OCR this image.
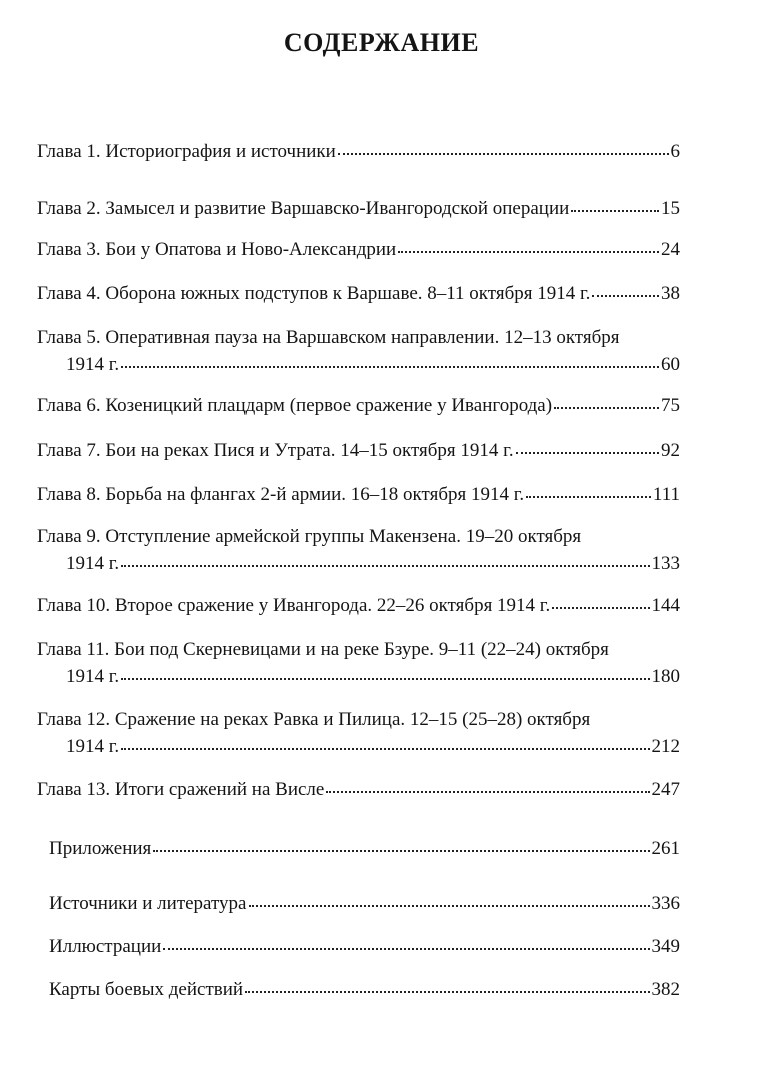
СОДЕРЖАНИЕ
Глава 1. Историография и источники	6
Глава 2. Замысел и развитие Варшавско-Ивангородской операции	15
Глава 3. Бои у Опатова и Ново-Александрии	24
Глава 4. Оборона южных подступов к Варшаве. 8–11 октября 1914 г.	38
Глава 5. Оперативная пауза на Варшавском направлении. 12–13 октября
1914 г.	60
Глава 6. Козеницкий плацдарм (первое сражение у Ивангорода)	75
Глава 7. Бои на реках Пися и Утрата. 14–15 октября 1914 г.	92
Глава 8. Борьба на флангах 2-й армии. 16–18 октября 1914 г.	111
Глава 9. Отступление армейской группы Макензена. 19–20 октября
1914 г.	133
Глава 10. Второе сражение у Ивангорода. 22–26 октября 1914 г.	144
Глава 11. Бои под Скерневицами и на реке Бзуре. 9–11 (22–24) октября
1914 г.	180
Глава 12. Сражение на реках Равка и Пилица. 12–15 (25–28) октября
1914 г.	212
Глава 13. Итоги сражений на Висле	247
Приложения	261
Источники и литература	336
Иллюстрации	349
Карты боевых действий	382
